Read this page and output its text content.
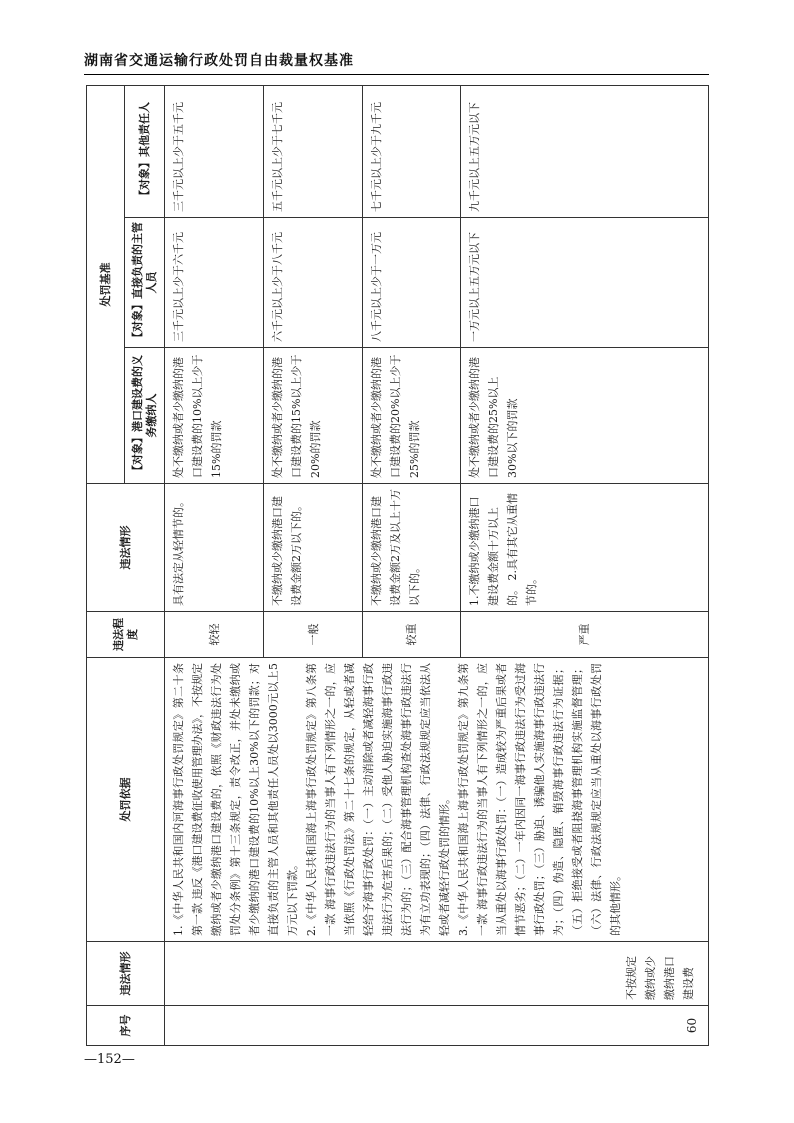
湖南省交通运输行政处罚自由裁量权基准
序号	违法情形	处罚依据	违法程度	违法情形	处罚基准		
					【对象】港口建设费的义务缴纳人	【对象】直接负责的主管人员	【对象】其他责任人
60	不按规定缴纳或少缴纳港口建设费	1.《中华人民共和国内河海事行政处罚规定》第二十条第一款 违反《港口建设费征收使用管理办法》，不按规定缴纳或者少缴纳港口建设费的，依照《财政违法行为处罚处分条例》第十三条规定，责令改正，并处未缴纳或者少缴纳的港口建设费的10%以上30%以下的罚款；对直接负责的主管人员和其他责任人员处以3000元以上5万元以下罚款。 2.《中华人民共和国海上海事行政处罚规定》第八条第一款 海事行政违法行为的当事人有下列情形之一的，应当依照《行政处罚法》第二十七条的规定，从轻或者减轻给予海事行政处罚：（一）主动消除或者减轻海事行政违法行为危害后果的；（二）受他人胁迫实施海事行政违法行为的；（三）配合海事管理机构查处海事行政违法行为有立功表现的；（四）法律、行政法规规定应当依法从轻或者减轻行政处罚的情形。 3.《中华人民共和国海上海事行政处罚规定》第九条第一款 海事行政违法行为的当事人有下列情形之一的，应当从重处以海事行政处罚：（一）造成较为严重后果或者情节恶劣；（二）一年内因同一海事行政违法行为受过海事行政处罚；（三）胁迫、诱骗他人实施海事行政违法行为；（四）伪造、隐匿、销毁海事行政违法行为证据；（五）拒绝接受或者阻挠海事管理机构实施监督管理；（六）法律、行政法规规定应当从重处以海事行政处罚的其他情形。	较轻	具有法定从轻情节的。	处不缴纳或者少缴纳的港口建设费的10%以上少于15%的罚款	三千元以上少于六千元	三千元以上少于五千元
			一般	不缴纳或少缴纳港口建设费金额2万以下的。	处不缴纳或者少缴纳的港口建设费的15%以上少于20%的罚款	六千元以上少于八千元	五千元以上少于七千元
			较重	不缴纳或少缴纳港口建设费金额2万及以上十万以下的。	处不缴纳或者少缴纳的港口建设费的20%以上少于25%的罚款	八千元以上少于一万元	七千元以上少于九千元
			严重	1.不缴纳或少缴纳港口建设费金额十万以上的。 2.具有其它从重情节的。	处不缴纳或者少缴纳的港口建设费的25%以上30%以下的罚款	一万元以上五万元以下	九千元以上五万元以下
—152—
